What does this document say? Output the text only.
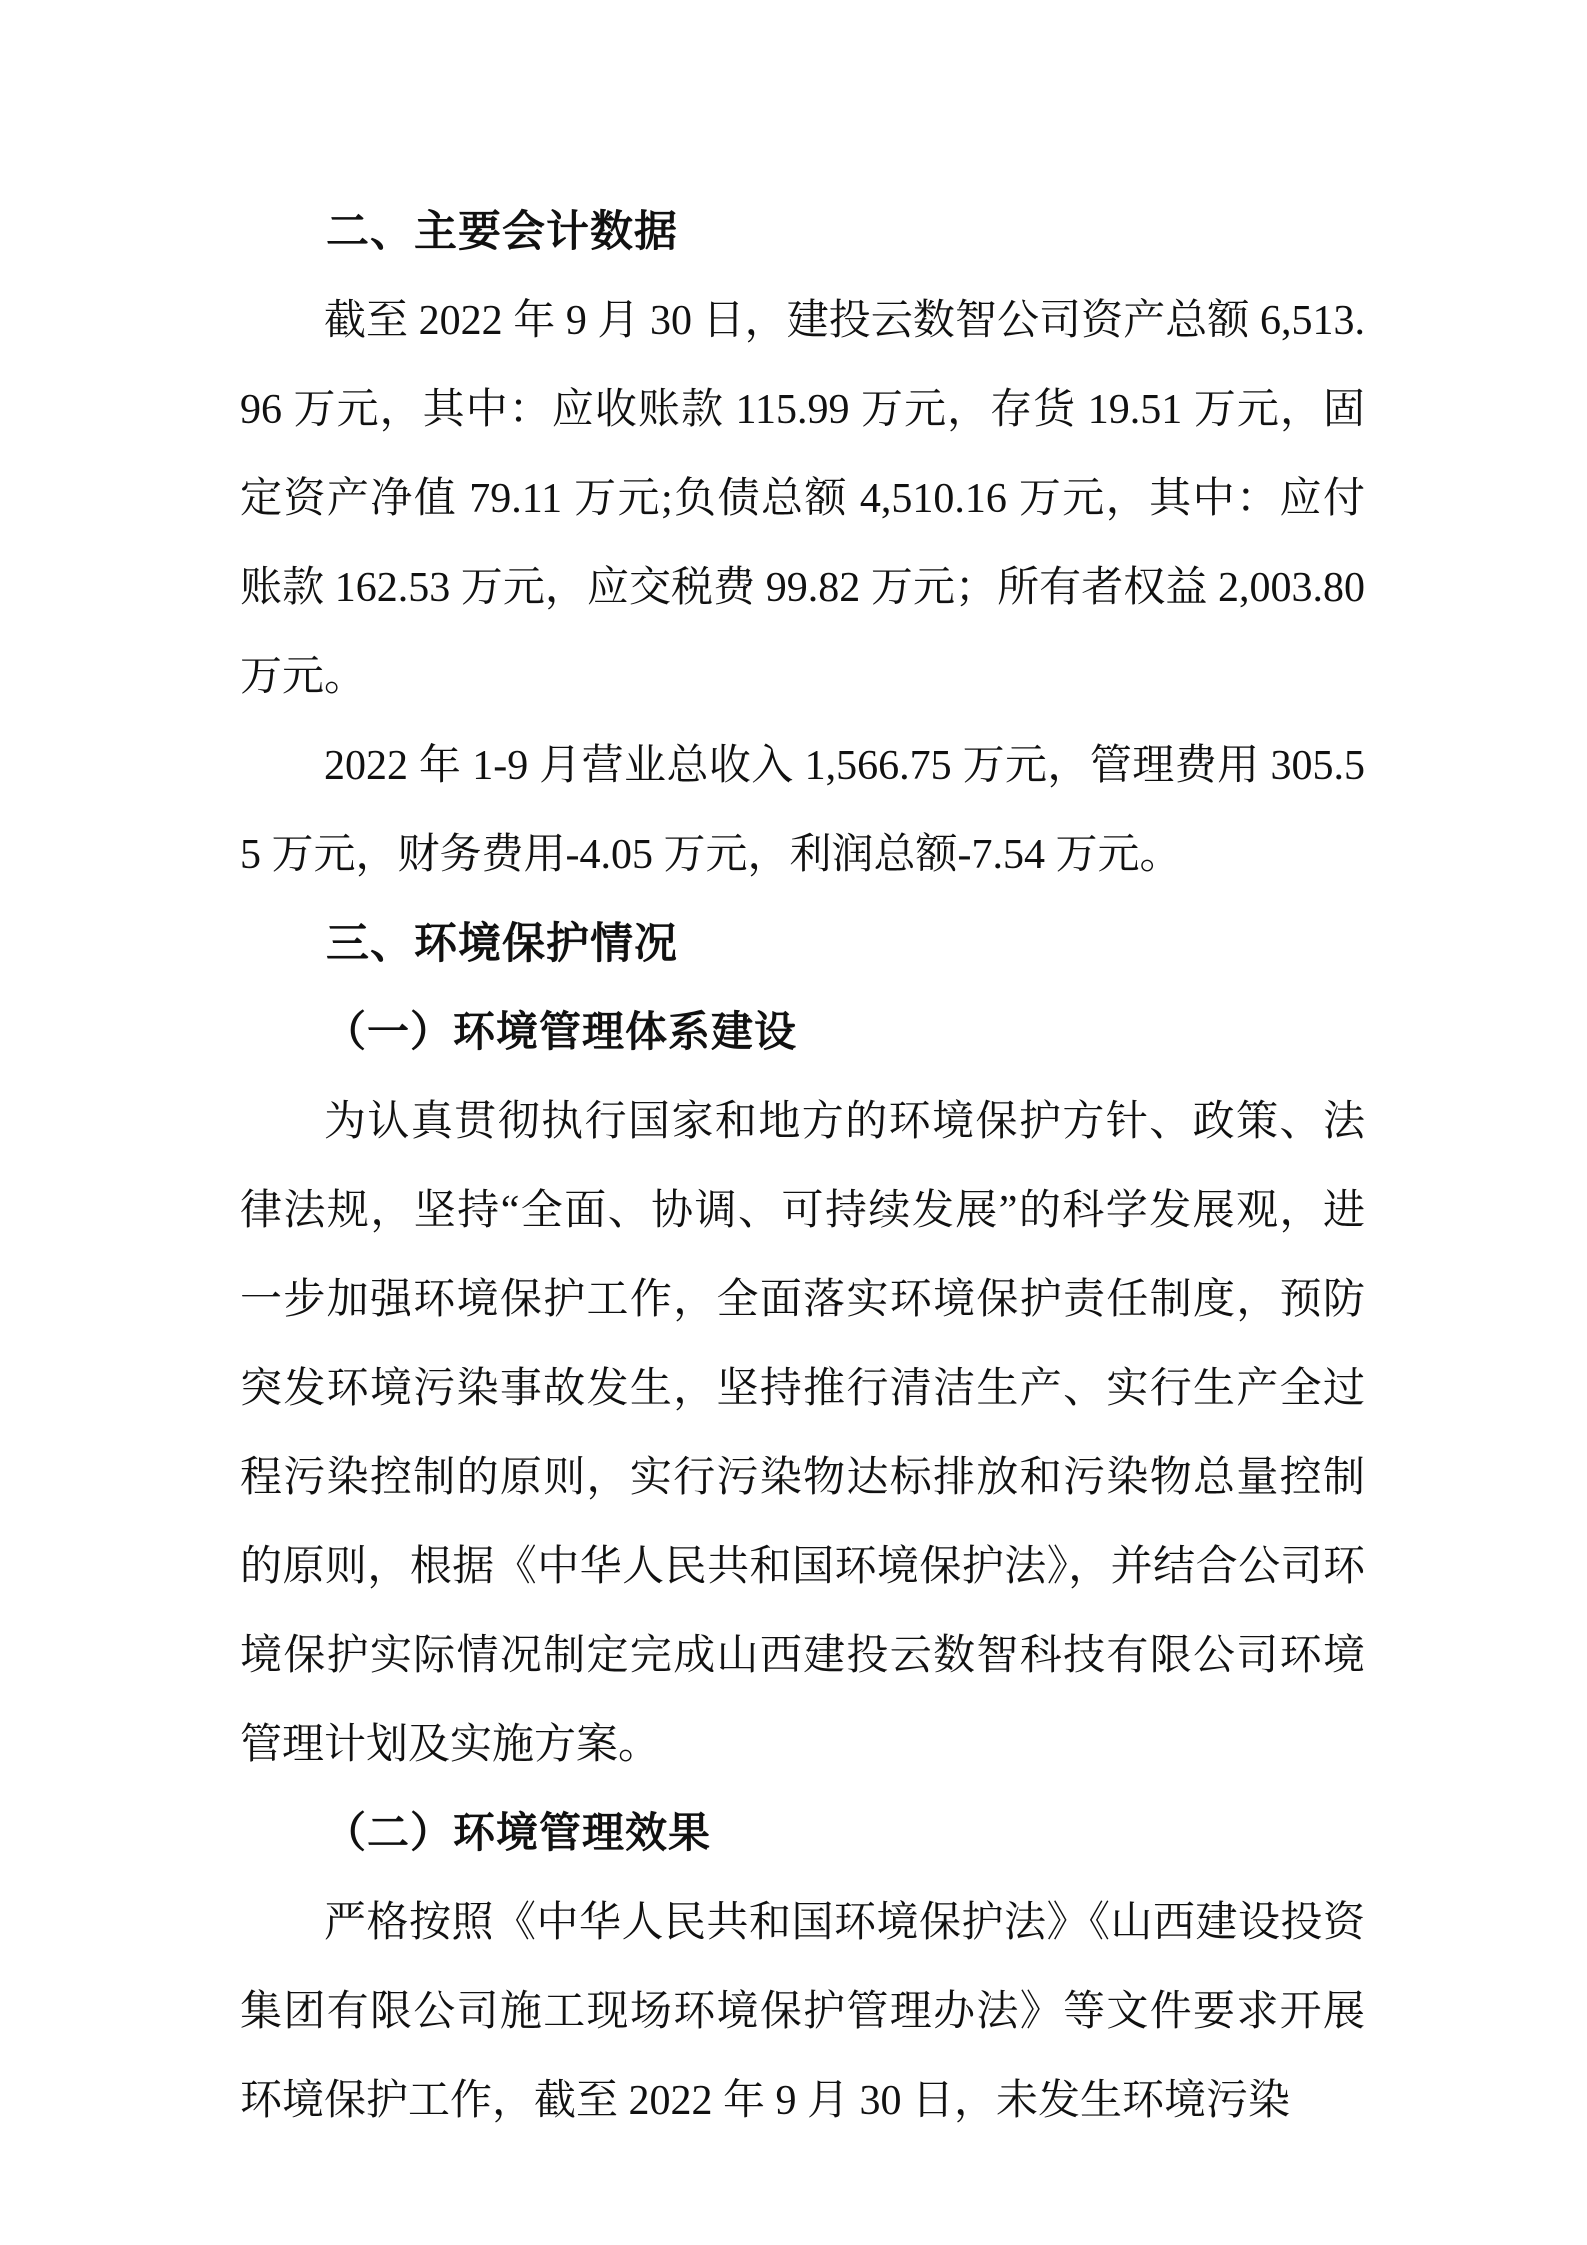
二、主要会计数据

截至 2022 年 9 月 30 日，建投云数智公司资产总额 6,513.96 万元，其中：应收账款 115.99 万元，存货 19.51 万元，固定资产净值 79.11 万元;负债总额 4,510.16 万元，其中：应付账款 162.53 万元，应交税费 99.82 万元；所有者权益 2,003.80 万元。

2022 年 1-9 月营业总收入 1,566.75 万元，管理费用 305.55 万元，财务费用-4.05 万元，利润总额-7.54 万元。

三、环境保护情况
（一）环境管理体系建设

为认真贯彻执行国家和地方的环境保护方针、政策、法律法规，坚持“全面、协调、可持续发展”的科学发展观，进一步加强环境保护工作，全面落实环境保护责任制度，预防突发环境污染事故发生，坚持推行清洁生产、实行生产全过程污染控制的原则，实行污染物达标排放和污染物总量控制的原则，根据《中华人民共和国环境保护法》，并结合公司环境保护实际情况制定完成山西建投云数智科技有限公司环境管理计划及实施方案。

（二）环境管理效果

严格按照《中华人民共和国环境保护法》《山西建设投资集团有限公司施工现场环境保护管理办法》等文件要求开展环境保护工作，截至 2022 年 9 月 30 日，未发生环境污染
